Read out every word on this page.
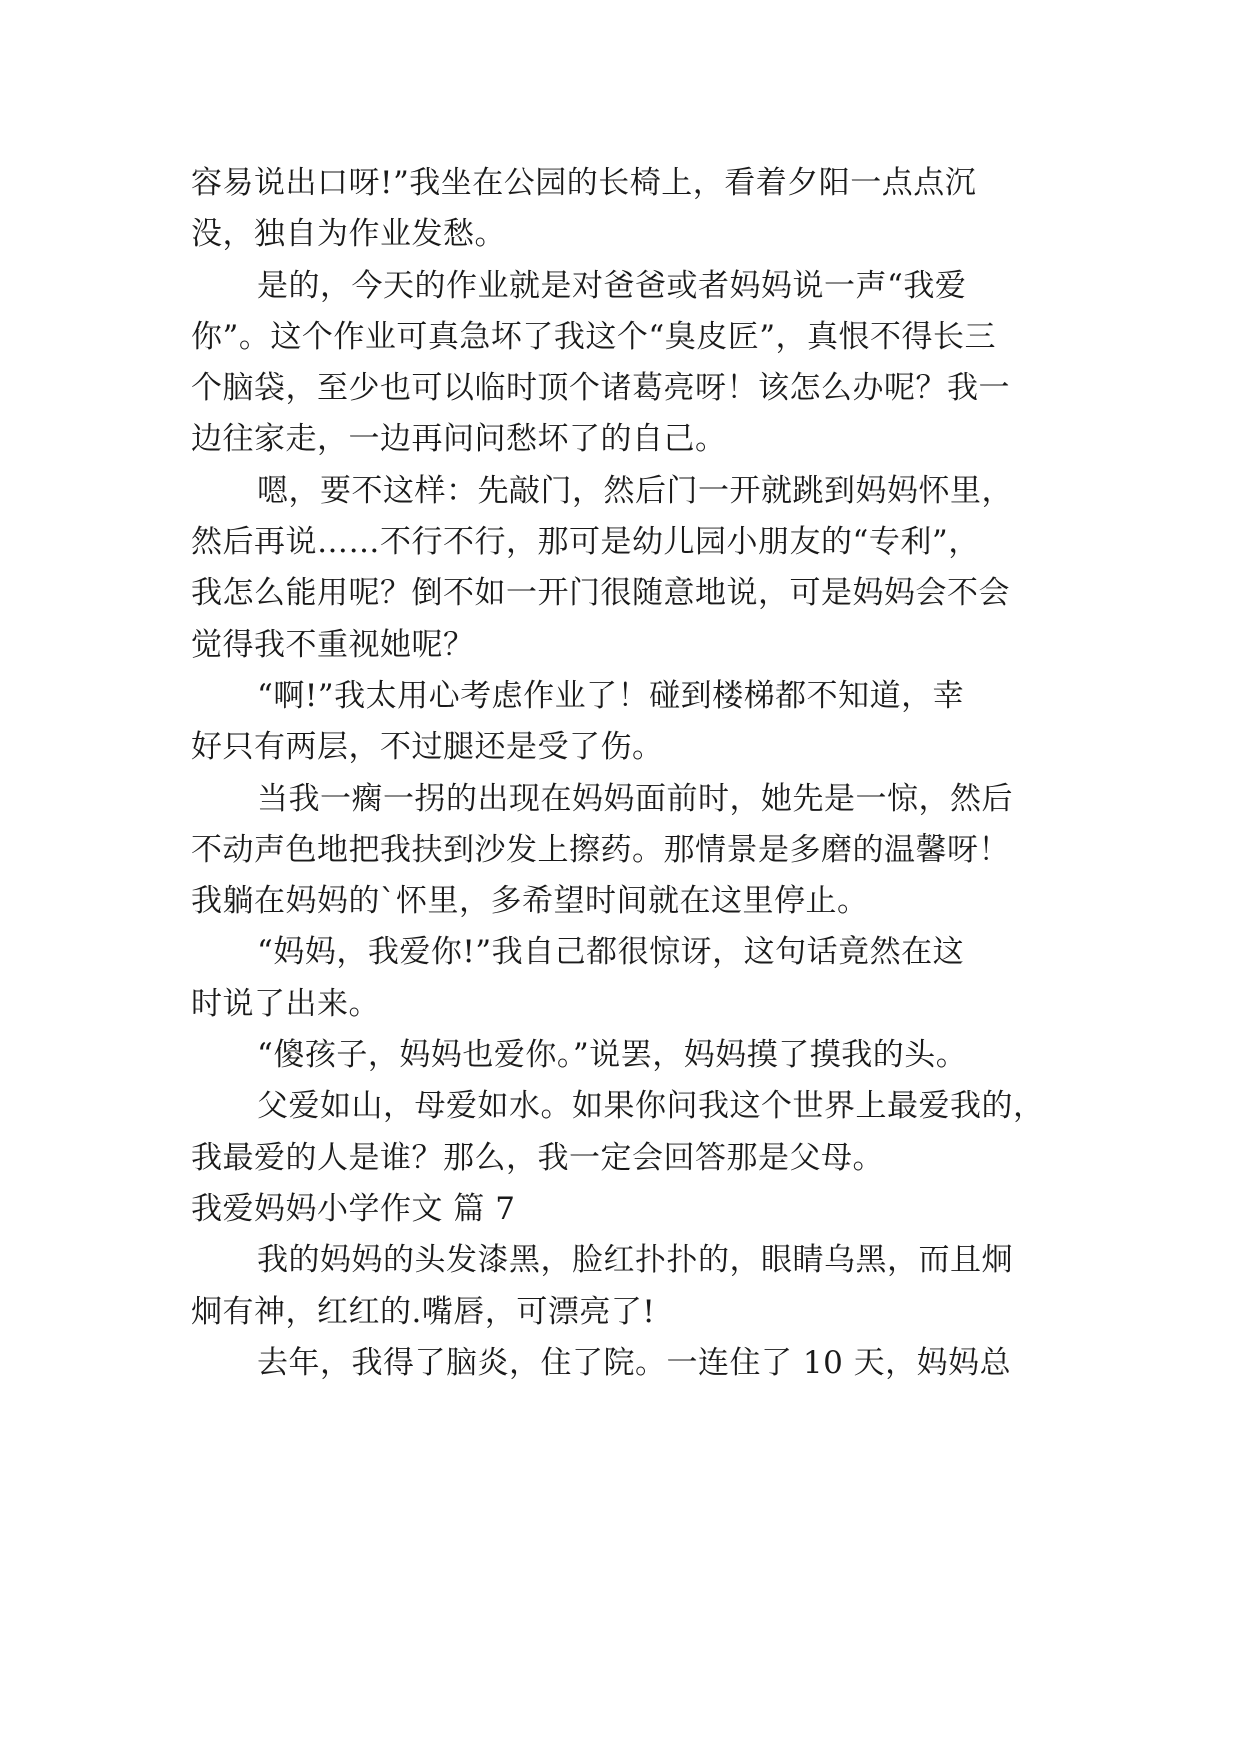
容易说出口呀!”我坐在公园的长椅上，看着夕阳一点点沉
没，独自为作业发愁。
是的，今天的作业就是对爸爸或者妈妈说一声“我爱
你”。这个作业可真急坏了我这个“臭皮匠”，真恨不得长三
个脑袋，至少也可以临时顶个诸葛亮呀！该怎么办呢？我一
边往家走，一边再问问愁坏了的自己。
嗯，要不这样：先敲门，然后门一开就跳到妈妈怀里，
然后再说……不行不行，那可是幼儿园小朋友的“专利”，
我怎么能用呢？倒不如一开门很随意地说，可是妈妈会不会
觉得我不重视她呢？
“啊!”我太用心考虑作业了！碰到楼梯都不知道，幸
好只有两层，不过腿还是受了伤。
当我一瘸一拐的出现在妈妈面前时，她先是一惊，然后
不动声色地把我扶到沙发上擦药。那情景是多磨的温馨呀！
我躺在妈妈的`怀里，多希望时间就在这里停止。
“妈妈，我爱你!”我自己都很惊讶，这句话竟然在这
时说了出来。
“傻孩子，妈妈也爱你。”说罢，妈妈摸了摸我的头。
父爱如山，母爱如水。如果你问我这个世界上最爱我的，
我最爱的人是谁？那么，我一定会回答那是父母。
我爱妈妈小学作文 篇 7
我的妈妈的头发漆黑，脸红扑扑的，眼睛乌黑，而且炯
炯有神，红红的.嘴唇，可漂亮了!
去年，我得了脑炎，住了院。一连住了 10 天，妈妈总
